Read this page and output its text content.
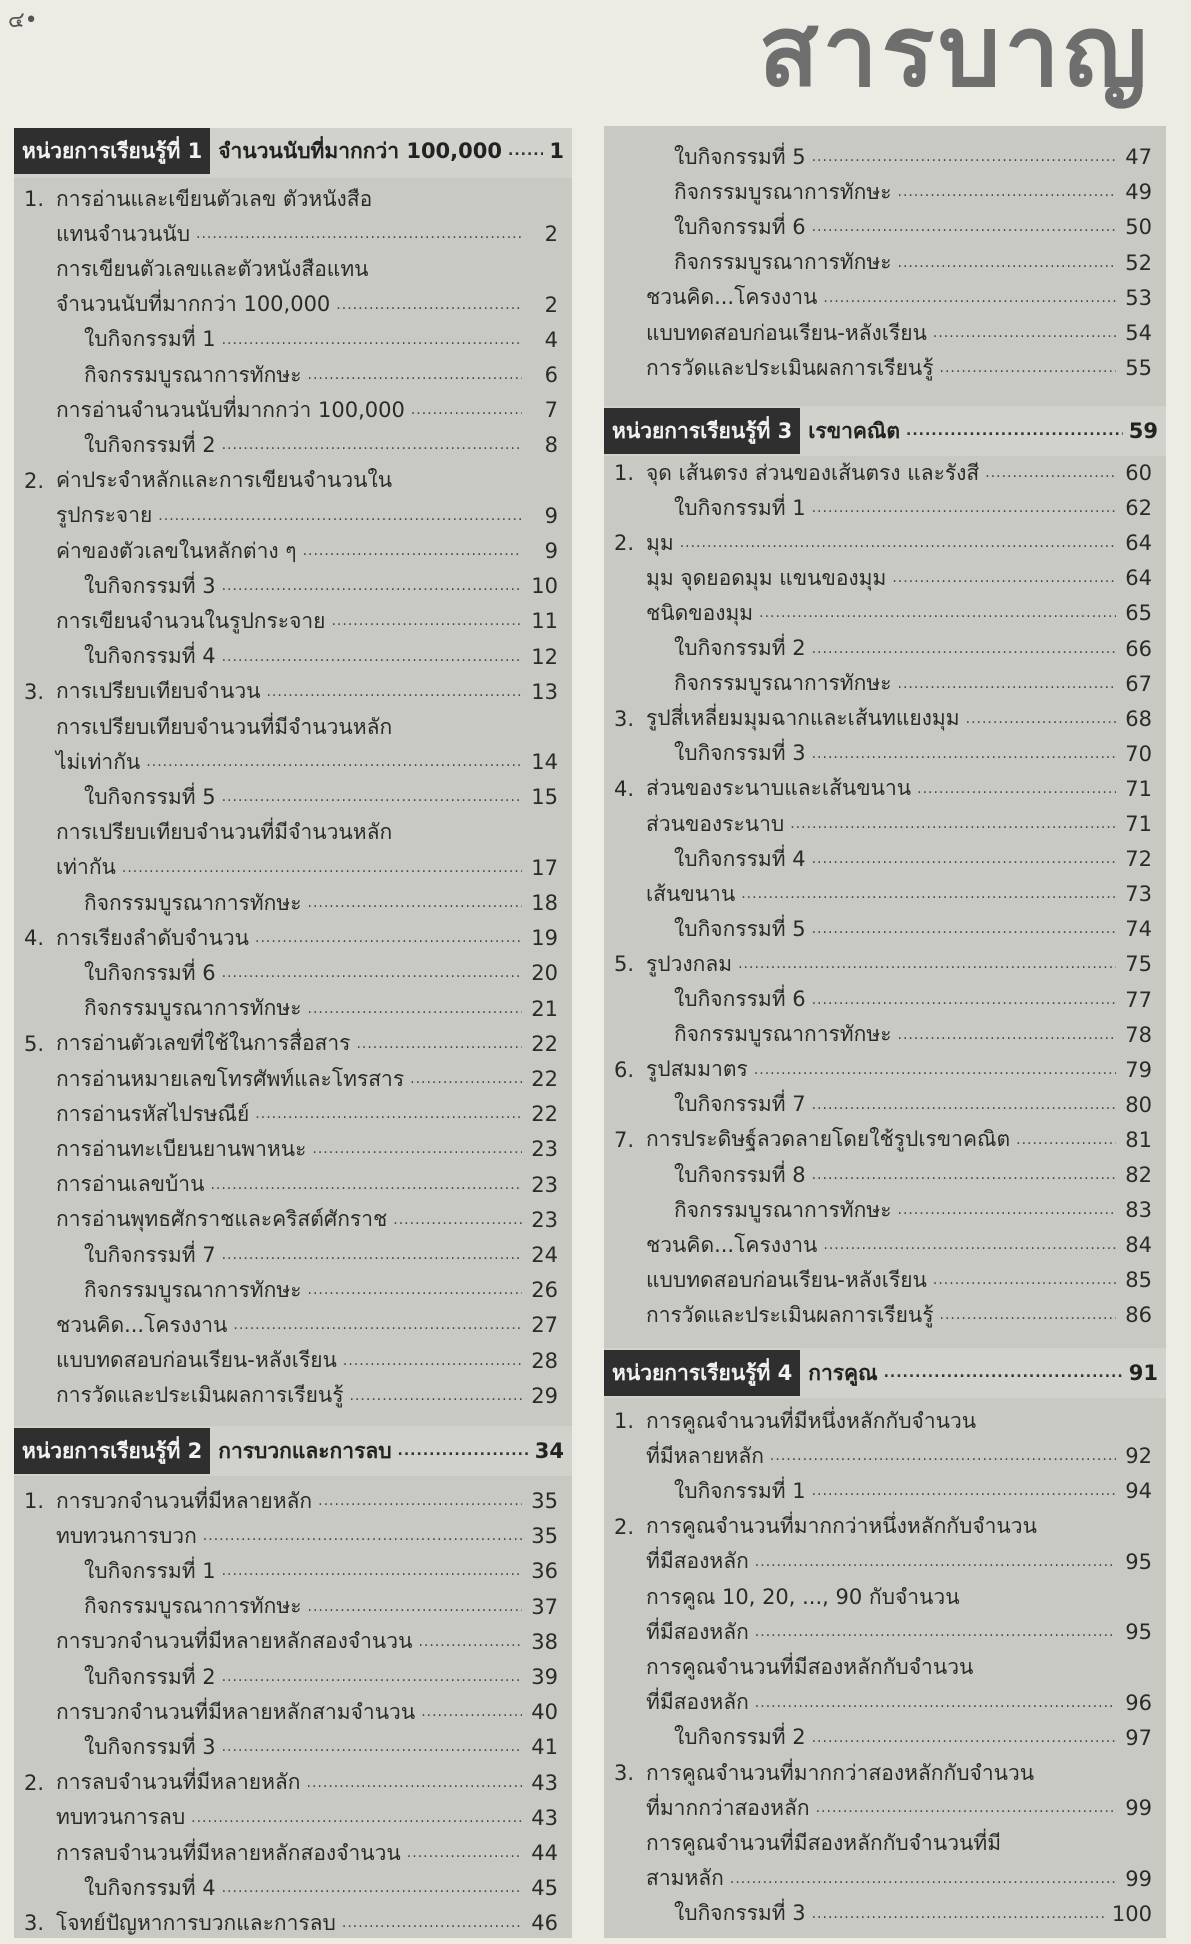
๔•	สารบาญ
หน่วยการเรียนรู้ที่ 1 จำนวนนับที่มากกว่า 100,000 ..... 1
1. การอ่านและเขียนตัวเลข ตัวหนังสือ
แทนจำนวนนับ .....	2
การเขียนตัวเลขและตัวหนังสือแทน
จำนวนนับที่มากกว่า 100,000 .....	2
ใบกิจกรรมที่ 1 .....	4
กิจกรรมบูรณาการทักษะ .....	6
การอ่านจำนวนนับที่มากกว่า 100,000 .....	7
ใบกิจกรรมที่ 2 .....	8
2. ค่าประจำหลักและการเขียนจำนวนใน
รูปกระจาย .....	9
ค่าของตัวเลขในหลักต่าง ๆ .....	9
ใบกิจกรรมที่ 3 .....	10
การเขียนจำนวนในรูปกระจาย .....	11
ใบกิจกรรมที่ 4 .....	12
3. การเปรียบเทียบจำนวน .....	13
การเปรียบเทียบจำนวนที่มีจำนวนหลัก
ไม่เท่ากัน .....	14
ใบกิจกรรมที่ 5 .....	15
การเปรียบเทียบจำนวนที่มีจำนวนหลัก
เท่ากัน .....	17
กิจกรรมบูรณาการทักษะ .....	18
4. การเรียงลำดับจำนวน .....	19
ใบกิจกรรมที่ 6 .....	20
กิจกรรมบูรณาการทักษะ .....	21
5. การอ่านตัวเลขที่ใช้ในการสื่อสาร .....	22
การอ่านหมายเลขโทรศัพท์และโทรสาร .....	22
การอ่านรหัสไปรษณีย์ .....	22
การอ่านทะเบียนยานพาหนะ .....	23
การอ่านเลขบ้าน .....	23
การอ่านพุทธศักราชและคริสต์ศักราช .....	23
ใบกิจกรรมที่ 7 .....	24
กิจกรรมบูรณาการทักษะ .....	26
ชวนคิด...โครงงาน .....	27
แบบทดสอบก่อนเรียน-หลังเรียน .....	28
การวัดและประเมินผลการเรียนรู้ .....	29
หน่วยการเรียนรู้ที่ 2 การบวกและการลบ .....	34
1. การบวกจำนวนที่มีหลายหลัก .....	35
ทบทวนการบวก .....	35
ใบกิจกรรมที่ 1 .....	36
กิจกรรมบูรณาการทักษะ .....	37
การบวกจำนวนที่มีหลายหลักสองจำนวน .....	38
ใบกิจกรรมที่ 2 .....	39
การบวกจำนวนที่มีหลายหลักสามจำนวน .....	40
ใบกิจกรรมที่ 3 .....	41
2. การลบจำนวนที่มีหลายหลัก .....	43
ทบทวนการลบ .....	43
การลบจำนวนที่มีหลายหลักสองจำนวน .....	44
ใบกิจกรรมที่ 4 .....	45
3. โจทย์ปัญหาการบวกและการลบ .....	46
ใบกิจกรรมที่ 5 .....	47
กิจกรรมบูรณาการทักษะ .....	49
ใบกิจกรรมที่ 6 .....	50
กิจกรรมบูรณาการทักษะ .....	52
ชวนคิด...โครงงาน .....	53
แบบทดสอบก่อนเรียน-หลังเรียน .....	54
การวัดและประเมินผลการเรียนรู้ .....	55
หน่วยการเรียนรู้ที่ 3 เรขาคณิต .....	59
1. จุด เส้นตรง ส่วนของเส้นตรง และรังสี .....	60
ใบกิจกรรมที่ 1 .....	62
2. มุม .....	64
มุม จุดยอดมุม แขนของมุม .....	64
ชนิดของมุม .....	65
ใบกิจกรรมที่ 2 .....	66
กิจกรรมบูรณาการทักษะ .....	67
3. รูปสี่เหลี่ยมมุมฉากและเส้นทแยงมุม .....	68
ใบกิจกรรมที่ 3 .....	70
4. ส่วนของระนาบและเส้นขนาน .....	71
ส่วนของระนาบ .....	71
ใบกิจกรรมที่ 4 .....	72
เส้นขนาน .....	73
ใบกิจกรรมที่ 5 .....	74
5. รูปวงกลม .....	75
ใบกิจกรรมที่ 6 .....	77
กิจกรรมบูรณาการทักษะ .....	78
6. รูปสมมาตร .....	79
ใบกิจกรรมที่ 7 .....	80
7. การประดิษฐ์ลวดลายโดยใช้รูปเรขาคณิต .....	81
ใบกิจกรรมที่ 8 .....	82
กิจกรรมบูรณาการทักษะ .....	83
ชวนคิด...โครงงาน .....	84
แบบทดสอบก่อนเรียน-หลังเรียน .....	85
การวัดและประเมินผลการเรียนรู้ .....	86
หน่วยการเรียนรู้ที่ 4 การคูณ .....	91
1. การคูณจำนวนที่มีหนึ่งหลักกับจำนวน
ที่มีหลายหลัก .....	92
ใบกิจกรรมที่ 1 .....	94
2. การคูณจำนวนที่มากกว่าหนึ่งหลักกับจำนวน
ที่มีสองหลัก .....	95
การคูณ 10, 20, ..., 90 กับจำนวน
ที่มีสองหลัก .....	95
การคูณจำนวนที่มีสองหลักกับจำนวน
ที่มีสองหลัก .....	96
ใบกิจกรรมที่ 2 .....	97
3. การคูณจำนวนที่มากกว่าสองหลักกับจำนวน
ที่มากกว่าสองหลัก .....	99
การคูณจำนวนที่มีสองหลักกับจำนวนที่มี
สามหลัก .....	99
ใบกิจกรรมที่ 3 .....	100
